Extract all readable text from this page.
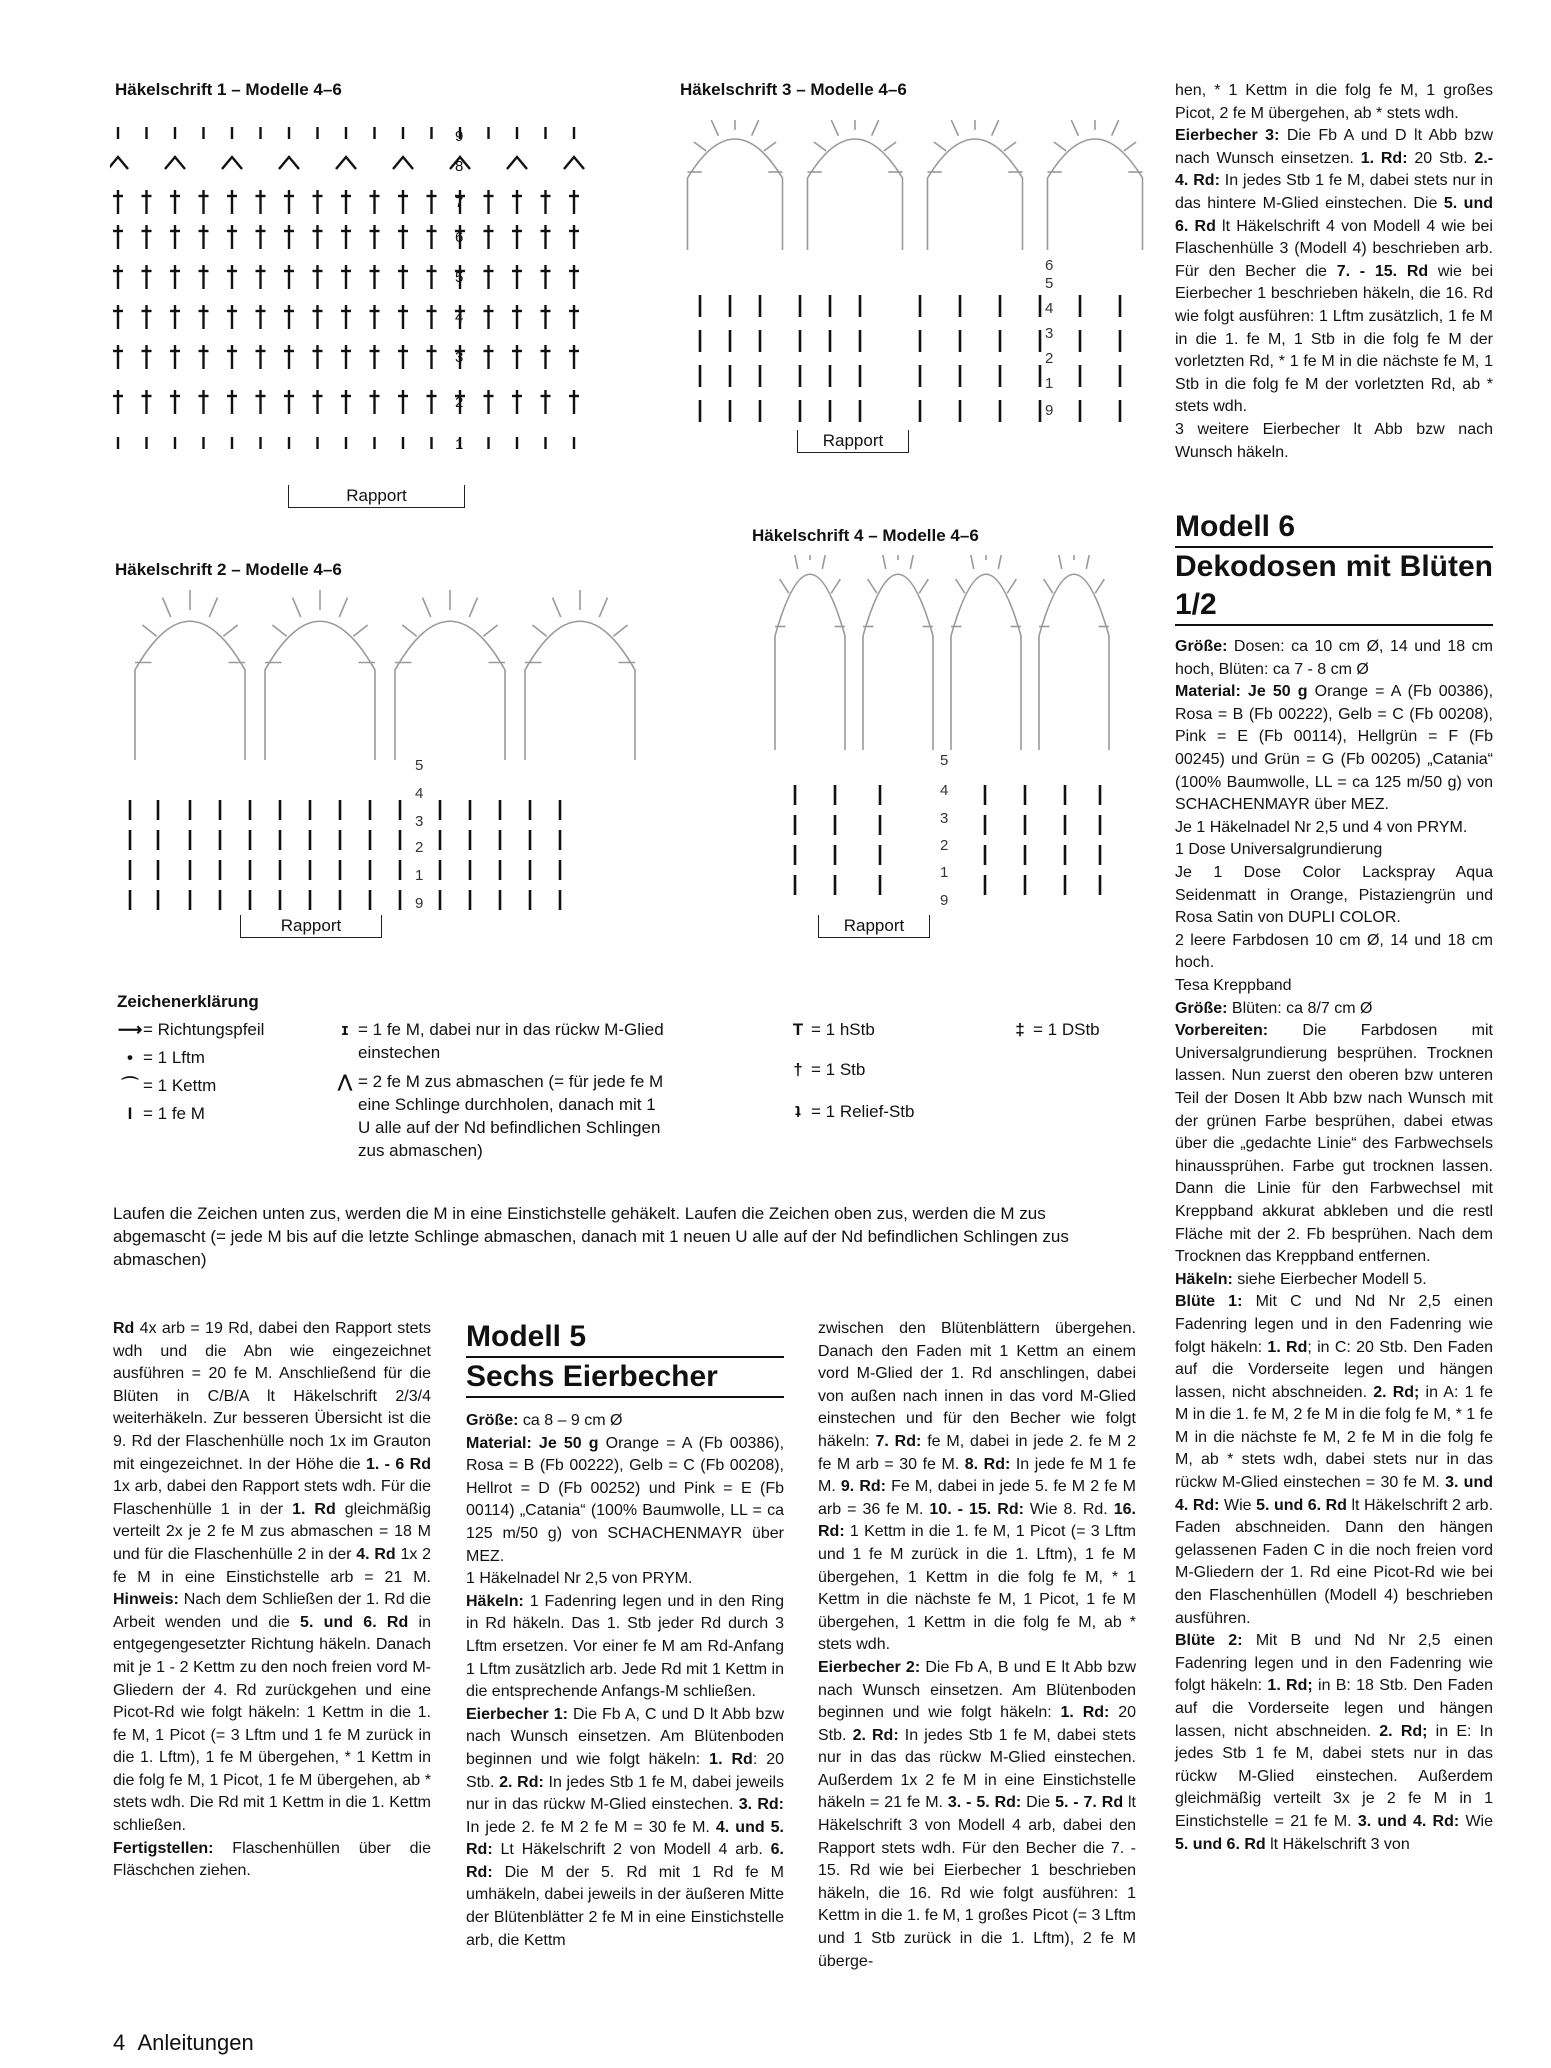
Häkelschrift 1 – Modelle 4–6
9
8
7
6
5
4
3
2
1
Rapport
Häkelschrift 3 – Modelle 4–6
6
5
4
3
2
1
9
Rapport
Häkelschrift 2 – Modelle 4–6
5
4
3
2
1
9
Rapport
Häkelschrift 4 – Modelle 4–6
5
4
3
2
1
9
Rapport
Zeichenerklärung
⟶= Richtungspfeil
• = 1 Lftm
⌒ = 1 Kettm
I = 1 fe M
ɪ = 1 fe M, dabei nur in das rückw M-Glied
einstechen
⋀ = 2 fe M zus abmaschen (= für jede fe M
eine Schlinge durchholen, danach mit 1
U alle auf der Nd befindlichen Schlingen
zus abmaschen)
T = 1 hStb
† = 1 Stb
ʇ = 1 Relief-Stb
‡ = 1 DStb
Laufen die Zeichen unten zus, werden die M in eine Einstichstelle gehäkelt. Laufen die Zeichen oben zus, werden die M zus abgemascht (= jede M bis auf die letzte Schlinge abmaschen, danach mit 1 neuen U alle auf der Nd befindlichen Schlingen zus abmaschen)

Rd 4x arb = 19 Rd, dabei den Rapport stets wdh und die Abn wie eingezeichnet ausführen = 20 fe M. Anschließend für die Blüten in C/B/A lt Häkelschrift 2/3/4 weiterhäkeln. Zur besseren Übersicht ist die 9. Rd der Flaschenhülle noch 1x im Grauton mit eingezeichnet. In der Höhe die 1. - 6 Rd 1x arb, dabei den Rapport stets wdh. Für die Flaschenhülle 1 in der 1. Rd gleichmäßig verteilt 2x je 2 fe M zus abmaschen = 18 M und für die Flaschenhülle 2 in der 4. Rd 1x 2 fe M in eine Einstichstelle arb = 21 M. Hinweis: Nach dem Schließen der 1. Rd die Arbeit wenden und die 5. und 6. Rd in entgegengesetzter Richtung häkeln. Danach mit je 1 - 2 Kettm zu den noch freien vord M-Gliedern der 4. Rd zurückgehen und eine Picot-Rd wie folgt häkeln: 1 Kettm in die 1. fe M, 1 Picot (= 3 Lftm und 1 fe M zurück in die 1. Lftm), 1 fe M übergehen, * 1 Kettm in die folg fe M, 1 Picot, 1 fe M übergehen, ab * stets wdh. Die Rd mit 1 Kettm in die 1. Kettm schließen.

Fertigstellen: Flaschenhüllen über die Fläschchen ziehen.

Modell 5

Sechs Eierbecher

Größe: ca 8 – 9 cm Ø

Material: Je 50 g Orange = A (Fb 00386), Rosa = B (Fb 00222), Gelb = C (Fb 00208), Hellrot = D (Fb 00252) und Pink = E (Fb 00114) „Catania“ (100% Baumwolle, LL = ca 125 m/50 g) von SCHACHENMAYR über MEZ.

1 Häkelnadel Nr 2,5 von PRYM.

Häkeln: 1 Fadenring legen und in den Ring in Rd häkeln. Das 1. Stb jeder Rd durch 3 Lftm ersetzen. Vor einer fe M am Rd-Anfang 1 Lftm zusätzlich arb. Jede Rd mit 1 Kettm in die entsprechende Anfangs-M schließen.

Eierbecher 1: Die Fb A, C und D lt Abb bzw nach Wunsch einsetzen. Am Blütenboden beginnen und wie folgt häkeln: 1. Rd: 20 Stb. 2. Rd: In jedes Stb 1 fe M, dabei jeweils nur in das rückw M-Glied einstechen. 3. Rd: In jede 2. fe M 2 fe M = 30 fe M. 4. und 5. Rd: Lt Häkelschrift 2 von Modell 4 arb. 6. Rd: Die M der 5. Rd mit 1 Rd fe M umhäkeln, dabei jeweils in der äußeren Mitte der Blütenblätter 2 fe M in eine Einstichstelle arb, die Kettm

zwischen den Blütenblättern übergehen. Danach den Faden mit 1 Kettm an einem vord M-Glied der 1. Rd anschlingen, dabei von außen nach innen in das vord M-Glied einstechen und für den Becher wie folgt häkeln: 7. Rd: fe M, dabei in jede 2. fe M 2 fe M arb = 30 fe M. 8. Rd: In jede fe M 1 fe M. 9. Rd: Fe M, dabei in jede 5. fe M 2 fe M arb = 36 fe M. 10. - 15. Rd: Wie 8. Rd. 16. Rd: 1 Kettm in die 1. fe M, 1 Picot (= 3 Lftm und 1 fe M zurück in die 1. Lftm), 1 fe M übergehen, 1 Kettm in die folg fe M, * 1 Kettm in die nächste fe M, 1 Picot, 1 fe M übergehen, 1 Kettm in die folg fe M, ab * stets wdh.

Eierbecher 2: Die Fb A, B und E lt Abb bzw nach Wunsch einsetzen. Am Blütenboden beginnen und wie folgt häkeln: 1. Rd: 20 Stb. 2. Rd: In jedes Stb 1 fe M, dabei stets nur in das das rückw M-Glied einstechen. Außerdem 1x 2 fe M in eine Einstichstelle häkeln = 21 fe M. 3. - 5. Rd: Die 5. - 7. Rd lt Häkelschrift 3 von Modell 4 arb, dabei den Rapport stets wdh. Für den Becher die 7. - 15. Rd wie bei Eierbecher 1 beschrieben häkeln, die 16. Rd wie folgt ausführen: 1 Kettm in die 1. fe M, 1 großes Picot (= 3 Lftm und 1 Stb zurück in die 1. Lftm), 2 fe M überge-

hen, * 1 Kettm in die folg fe M, 1 großes Picot, 2 fe M übergehen, ab * stets wdh.

Eierbecher 3: Die Fb A und D lt Abb bzw nach Wunsch einsetzen. 1. Rd: 20 Stb. 2.- 4. Rd: In jedes Stb 1 fe M, dabei stets nur in das hintere M-Glied einstechen. Die 5. und 6. Rd lt Häkelschrift 4 von Modell 4 wie bei Flaschenhülle 3 (Modell 4) beschrieben arb. Für den Becher die 7. - 15. Rd wie bei Eierbecher 1 beschrieben häkeln, die 16. Rd wie folgt ausführen: 1 Lftm zusätzlich, 1 fe M in die 1. fe M, 1 Stb in die folg fe M der vorletzten Rd, * 1 fe M in die nächste fe M, 1 Stb in die folg fe M der vorletzten Rd, ab * stets wdh.

3 weitere Eierbecher lt Abb bzw nach Wunsch häkeln.

Modell 6

Dekodosen mit Blüten 1/2

Größe: Dosen: ca 10 cm Ø, 14 und 18 cm hoch, Blüten: ca 7 - 8 cm Ø

Material: Je 50 g Orange = A (Fb 00386), Rosa = B (Fb 00222), Gelb = C (Fb 00208), Pink = E (Fb 00114), Hellgrün = F (Fb 00245) und Grün = G (Fb 00205) „Catania“ (100% Baumwolle, LL = ca 125 m/50 g) von SCHACHENMAYR über MEZ.

Je 1 Häkelnadel Nr 2,5 und 4 von PRYM.

1 Dose Universalgrundierung

Je 1 Dose Color Lackspray Aqua Seidenmatt in Orange, Pistaziengrün und Rosa Satin von DUPLI COLOR.

2 leere Farbdosen 10 cm Ø, 14 und 18 cm hoch.

Tesa Kreppband

Größe: Blüten: ca 8/7 cm Ø

Vorbereiten: Die Farbdosen mit Universalgrundierung besprühen. Trocknen lassen. Nun zuerst den oberen bzw unteren Teil der Dosen lt Abb bzw nach Wunsch mit der grünen Farbe besprühen, dabei etwas über die „gedachte Linie“ des Farbwechsels hinaussprühen. Farbe gut trocknen lassen. Dann die Linie für den Farbwechsel mit Kreppband akkurat abkleben und die restl Fläche mit der 2. Fb besprühen. Nach dem Trocknen das Kreppband entfernen.

Häkeln: siehe Eierbecher Modell 5.

Blüte 1: Mit C und Nd Nr 2,5 einen Fadenring legen und in den Fadenring wie folgt häkeln: 1. Rd; in C: 20 Stb. Den Faden auf die Vorderseite legen und hängen lassen, nicht abschneiden. 2. Rd; in A: 1 fe M in die 1. fe M, 2 fe M in die folg fe M, * 1 fe M in die nächste fe M, 2 fe M in die folg fe M, ab * stets wdh, dabei stets nur in das rückw M-Glied einstechen = 30 fe M. 3. und 4. Rd: Wie 5. und 6. Rd lt Häkelschrift 2 arb. Faden abschneiden. Dann den hängen gelassenen Faden C in die noch freien vord M-Gliedern der 1. Rd eine Picot-Rd wie bei den Flaschenhüllen (Modell 4) beschrieben ausführen.

Blüte 2: Mit B und Nd Nr 2,5 einen Fadenring legen und in den Fadenring wie folgt häkeln: 1. Rd; in B: 18 Stb. Den Faden auf die Vorderseite legen und hängen lassen, nicht abschneiden. 2. Rd; in E: In jedes Stb 1 fe M, dabei stets nur in das rückw M-Glied einstechen. Außerdem gleichmäßig verteilt 3x je 2 fe M in 1 Einstichstelle = 21 fe M. 3. und 4. Rd: Wie 5. und 6. Rd lt Häkelschrift 3 von

4 Anleitungen
